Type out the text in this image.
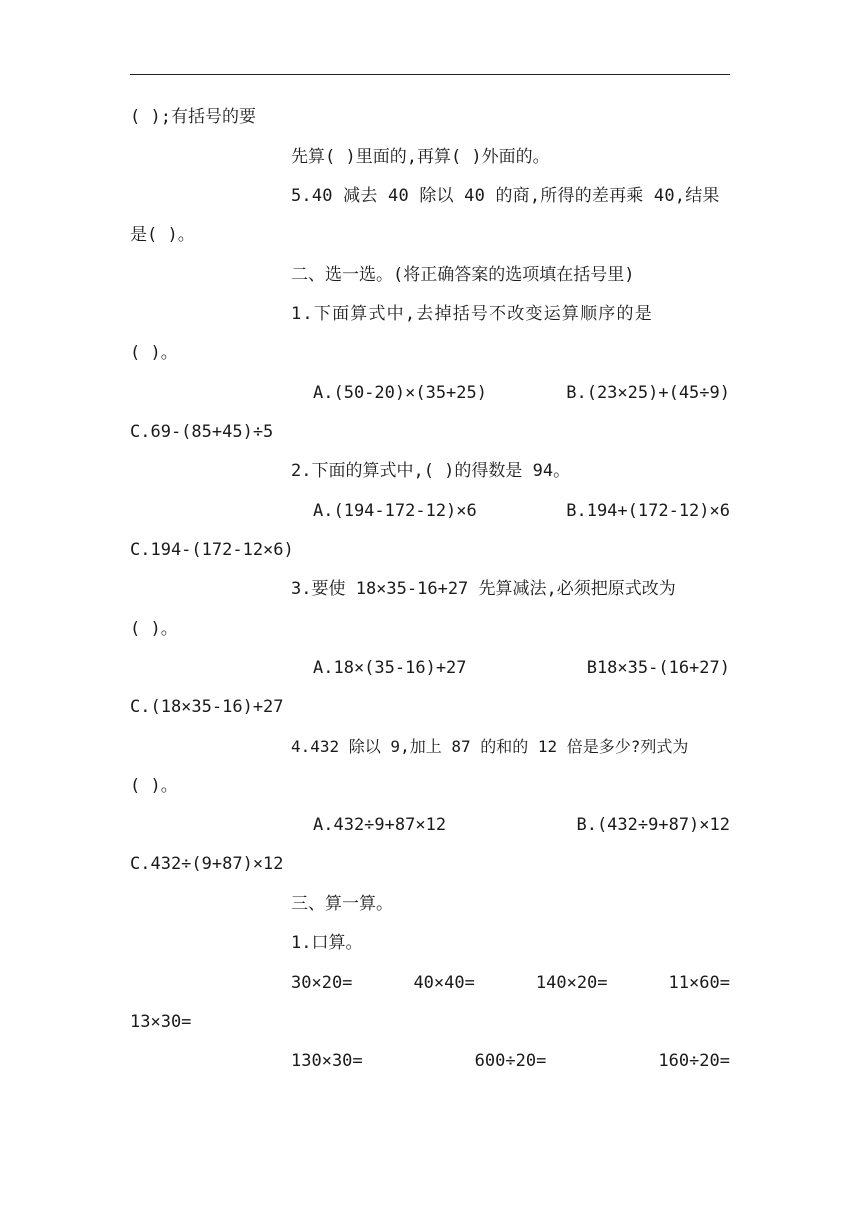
( );有括号的要
先算( )里面的,再算( )外面的。
5.40 减去 40 除以 40 的商,所得的差再乘 40,结果
是( )。
二、选一选。(将正确答案的选项填在括号里)
1.下面算式中,去掉括号不改变运算顺序的是
( )。
A.(50-20)×(35+25)	B.(23×25)+(45÷9)
C.69-(85+45)÷5
2.下面的算式中,( )的得数是 94。
A.(194-172-12)×6	B.194+(172-12)×6
C.194-(172-12×6)
3.要使 18×35-16+27 先算减法,必须把原式改为
( )。
A.18×(35-16)+27	B18×35-(16+27)
C.(18×35-16)+27
4.432 除以 9,加上 87 的和的 12 倍是多少?列式为
( )。
A.432÷9+87×12	B.(432÷9+87)×12
C.432÷(9+87)×12
三、算一算。
1.口算。
30×20=	40×40=	140×20=	11×60=
13×30=
130×30=	600÷20=	160÷20=
